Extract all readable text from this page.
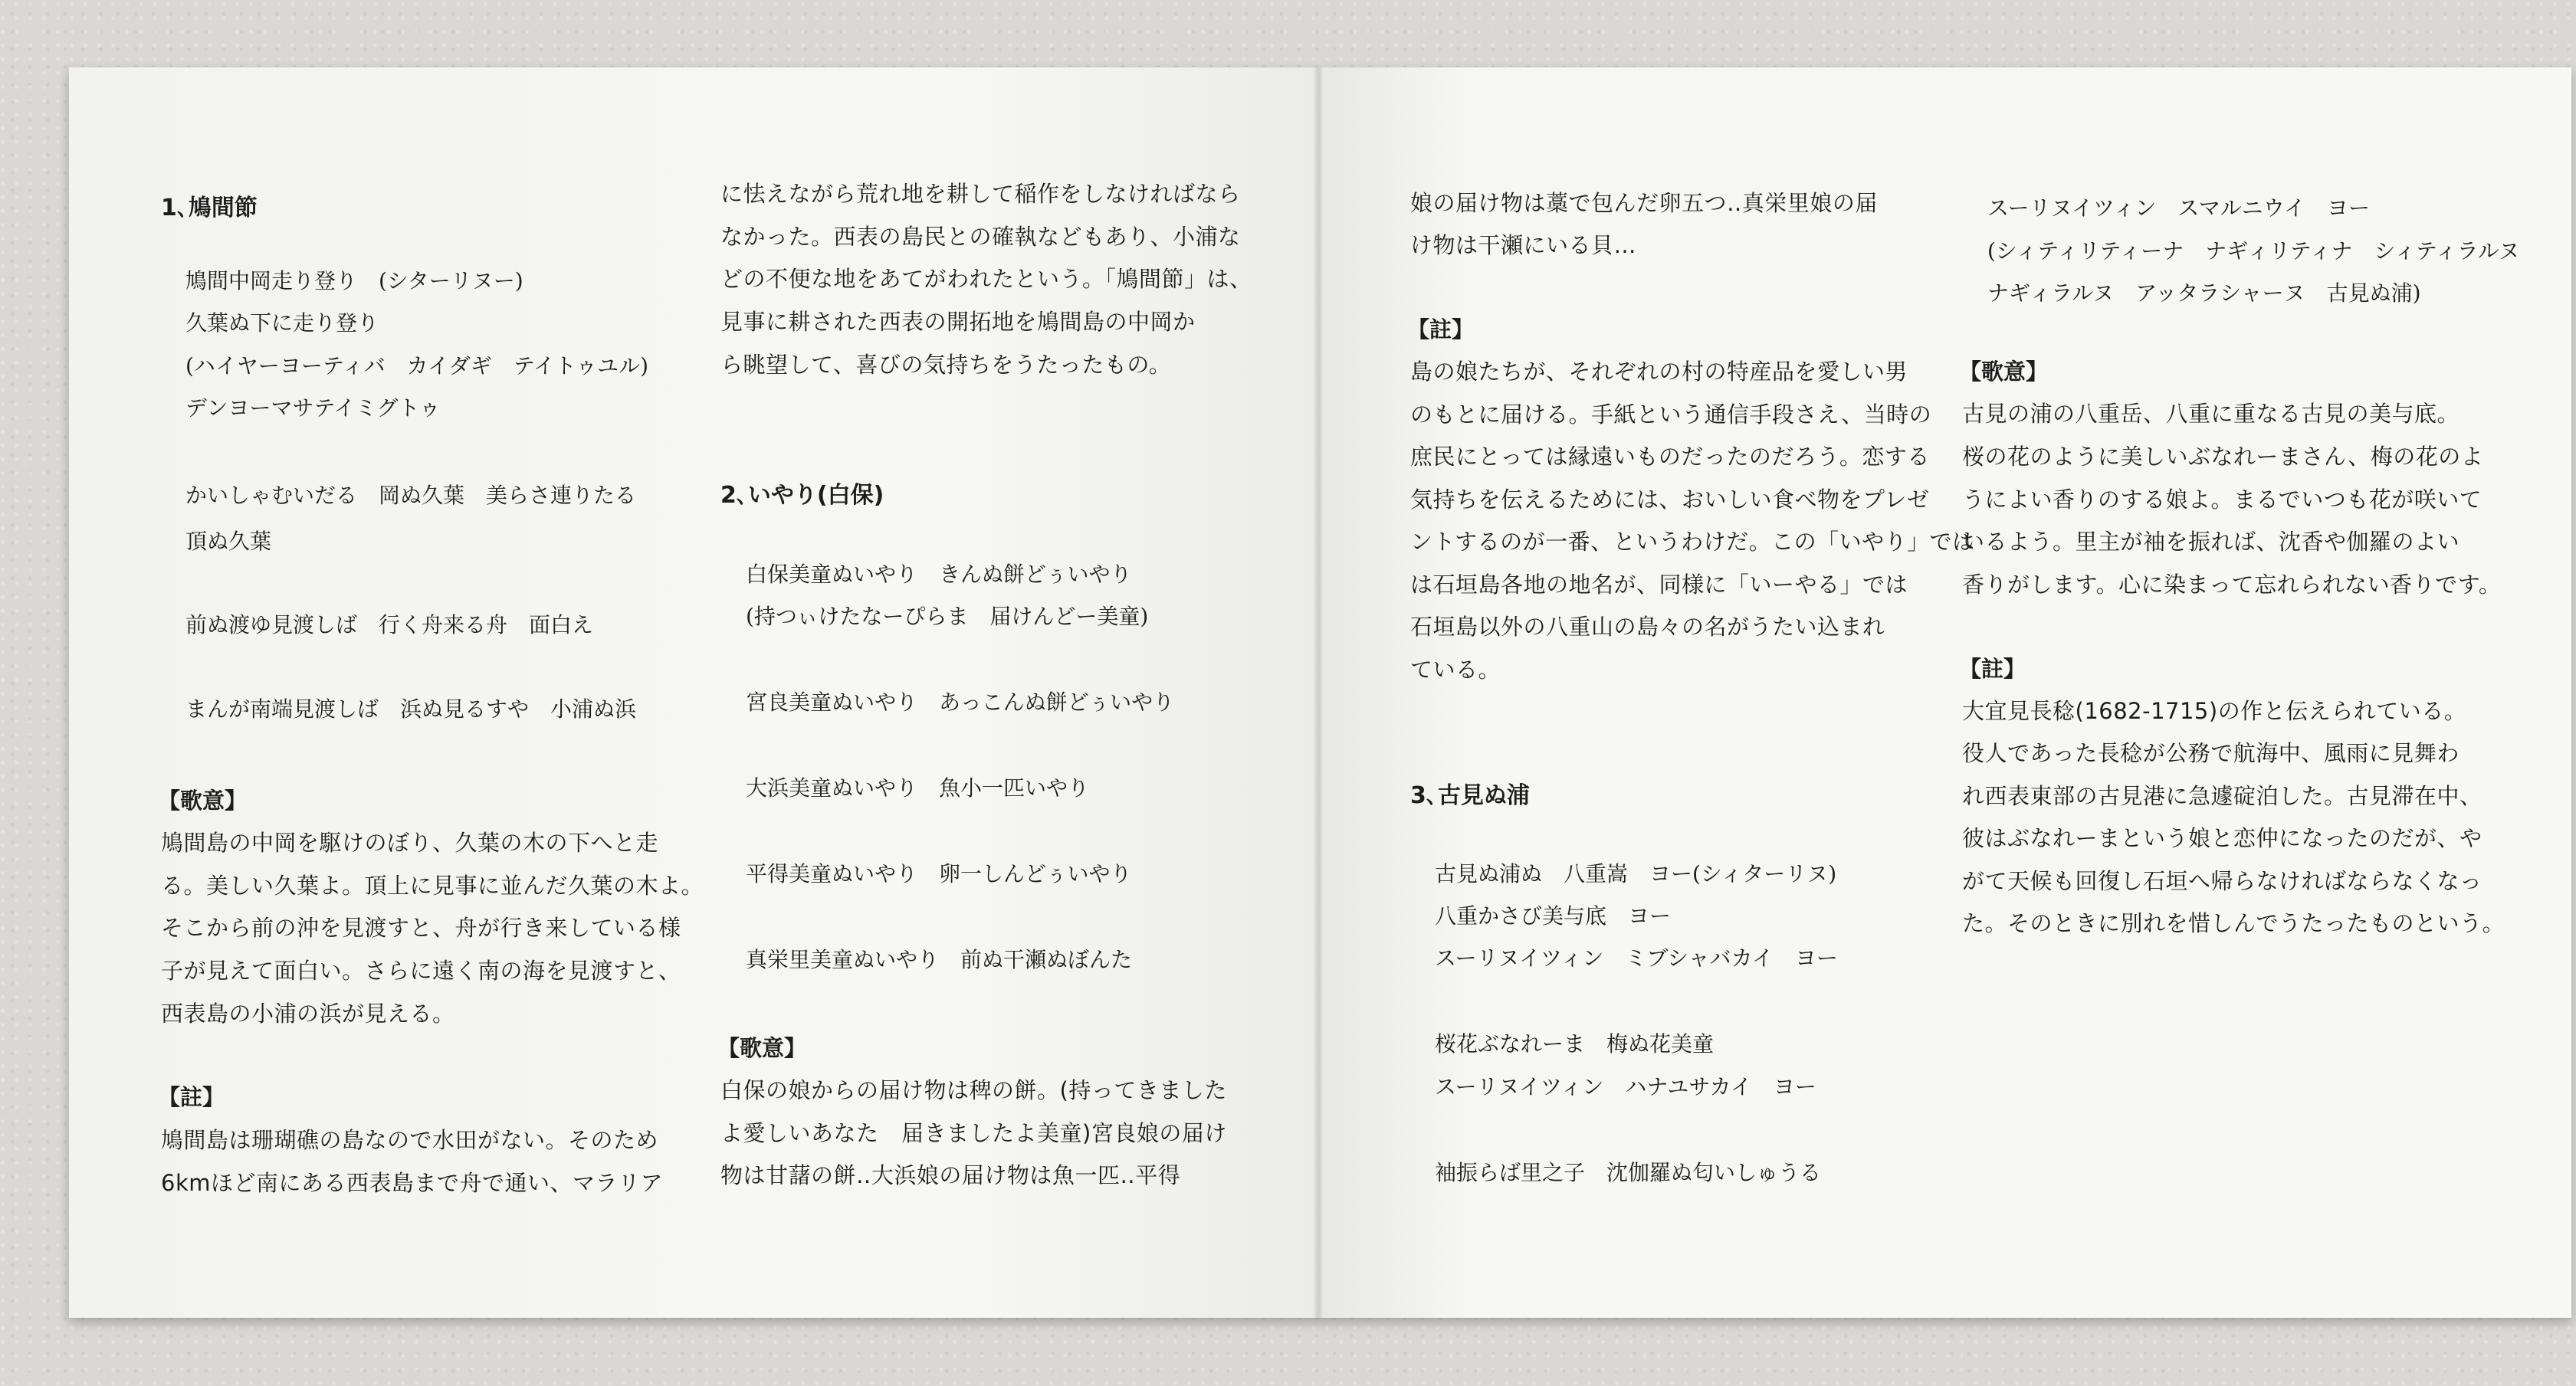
1､鳩間節
鳩間中岡走り登り　(シターリヌー)
久葉ぬ下に走り登り
(ハイヤーヨーティバ　カイダギ　テイトゥユル)
デンヨーマサテイミグトゥ
かいしゃむいだる　岡ぬ久葉　美らさ連りたる
頂ぬ久葉
前ぬ渡ゆ見渡しば　行く舟来る舟　面白え
まんが南端見渡しば　浜ぬ見るすや　小浦ぬ浜
【歌意】
鳩間島の中岡を駆けのぼり、久葉の木の下へと走
る。美しい久葉よ。頂上に見事に並んだ久葉の木よ。
そこから前の沖を見渡すと、舟が行き来している様
子が見えて面白い。さらに遠く南の海を見渡すと、
西表島の小浦の浜が見える。
【註】
鳩間島は珊瑚礁の島なので水田がない。そのため
6kmほど南にある西表島まで舟で通い、マラリア
に怯えながら荒れ地を耕して稲作をしなければなら
なかった。西表の島民との確執などもあり、小浦な
どの不便な地をあてがわれたという。「鳩間節」は、
見事に耕された西表の開拓地を鳩間島の中岡か
ら眺望して、喜びの気持ちをうたったもの。
2､いやり(白保)
白保美童ぬいやり　きんぬ餅どぅいやり
(持つぃけたなーぴらま　届けんどー美童)
宮良美童ぬいやり　あっこんぬ餅どぅいやり
大浜美童ぬいやり　魚小一匹いやり
平得美童ぬいやり　卵一しんどぅいやり
真栄里美童ぬいやり　前ぬ干瀬ぬぼんた
【歌意】
白保の娘からの届け物は稗の餅。(持ってきました
よ愛しいあなた　届きましたよ美童)宮良娘の届け
物は甘藷の餅‥大浜娘の届け物は魚一匹‥平得
娘の届け物は藁で包んだ卵五つ‥真栄里娘の届
け物は干瀬にいる貝…
【註】
島の娘たちが、それぞれの村の特産品を愛しい男
のもとに届ける。手紙という通信手段さえ、当時の
庶民にとっては縁遠いものだったのだろう。恋する
気持ちを伝えるためには、おいしい食べ物をプレゼ
ントするのが一番、というわけだ。この「いやり」では
は石垣島各地の地名が、同様に「いーやる」では
石垣島以外の八重山の島々の名がうたい込まれ
ている。
3､古見ぬ浦
古見ぬ浦ぬ　八重嵩　ヨー(シィターリヌ)
八重かさび美与底　ヨー
スーリヌイツィン　ミブシャバカイ　ヨー
桜花ぶなれーま　梅ぬ花美童
スーリヌイツィン　ハナユサカイ　ヨー
袖振らば里之子　沈伽羅ぬ匂いしゅうる
スーリヌイツィン　スマルニウイ　ヨー
(シィティリティーナ　ナギィリティナ　シィティラルヌ
ナギィラルヌ　アッタラシャーヌ　古見ぬ浦)
【歌意】
古見の浦の八重岳、八重に重なる古見の美与底。
桜の花のように美しいぶなれーまさん、梅の花のよ
うによい香りのする娘よ。まるでいつも花が咲いて
いるよう。里主が袖を振れば、沈香や伽羅のよい
香りがします。心に染まって忘れられない香りです。
【註】
大宜見長稔(1682-1715)の作と伝えられている。
役人であった長稔が公務で航海中、風雨に見舞わ
れ西表東部の古見港に急遽碇泊した。古見滞在中、
彼はぶなれーまという娘と恋仲になったのだが、や
がて天候も回復し石垣へ帰らなければならなくなっ
た。そのときに別れを惜しんでうたったものという。
